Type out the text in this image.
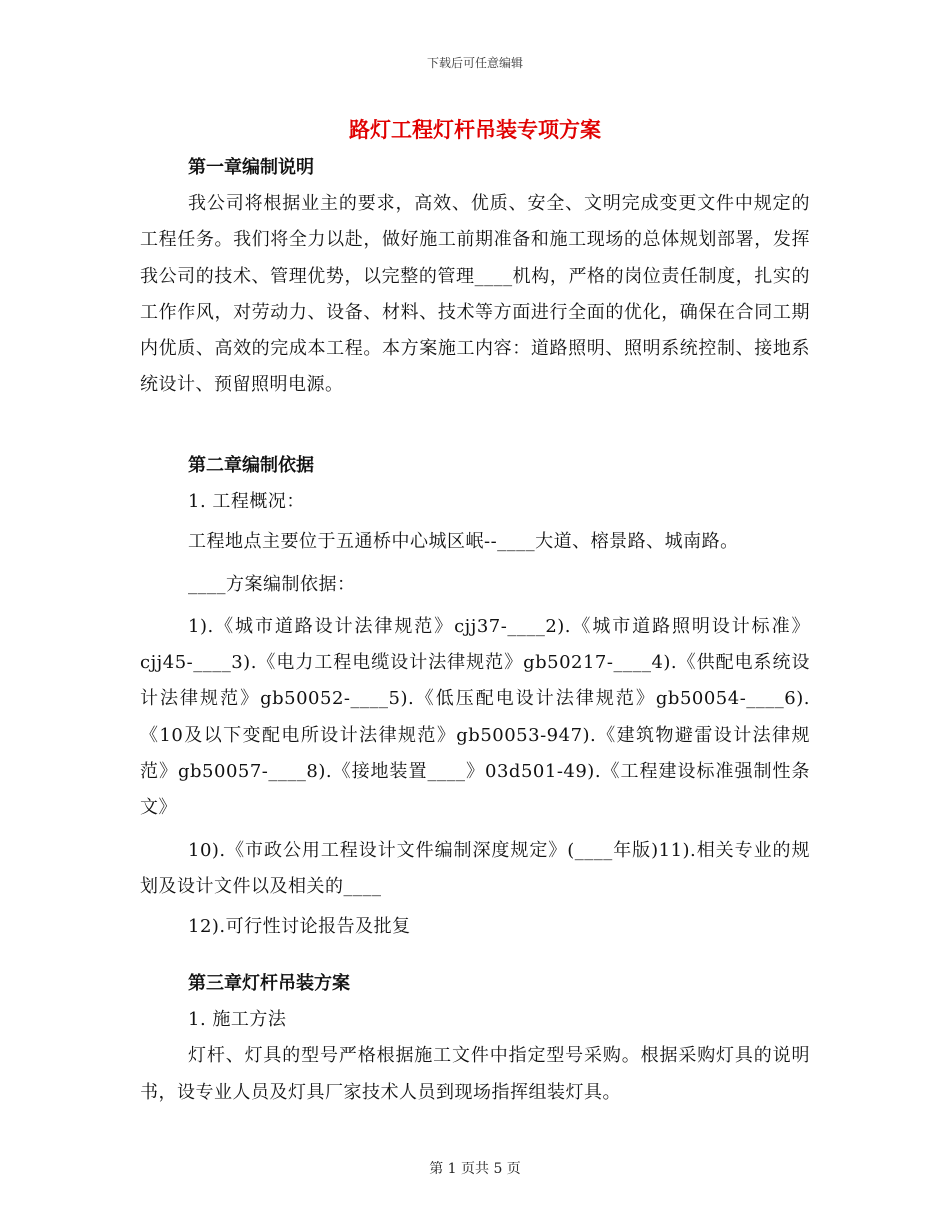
下载后可任意编辑
路灯工程灯杆吊装专项方案
第一章编制说明
我公司将根据业主的要求，高效、优质、安全、文明完成变更文件中规定的工程任务。我们将全力以赴，做好施工前期准备和施工现场的总体规划部署，发挥我公司的技术、管理优势，以完整的管理____机构，严格的岗位责任制度，扎实的工作作风，对劳动力、设备、材料、技术等方面进行全面的优化，确保在合同工期内优质、高效的完成本工程。本方案施工内容：道路照明、照明系统控制、接地系统设计、预留照明电源。
第二章编制依据
1. 工程概况：
工程地点主要位于五通桥中心城区岷--____大道、榕景路、城南路。
____方案编制依据：
1).《城市道路设计法律规范》cjj37-____2).《城市道路照明设计标准》cjj45-____3).《电力工程电缆设计法律规范》gb50217-____4).《供配电系统设计法律规范》gb50052-____5).《低压配电设计法律规范》gb50054-____6).《10及以下变配电所设计法律规范》gb50053-947).《建筑物避雷设计法律规范》gb50057-____8).《接地装置____》03d501-49).《工程建设标准强制性条文》
10).《市政公用工程设计文件编制深度规定》(____年版)11).相关专业的规划及设计文件以及相关的____
12).可行性讨论报告及批复
第三章灯杆吊装方案
1. 施工方法
灯杆、灯具的型号严格根据施工文件中指定型号采购。根据采购灯具的说明书，设专业人员及灯具厂家技术人员到现场指挥组装灯具。
第 1 页共 5 页
